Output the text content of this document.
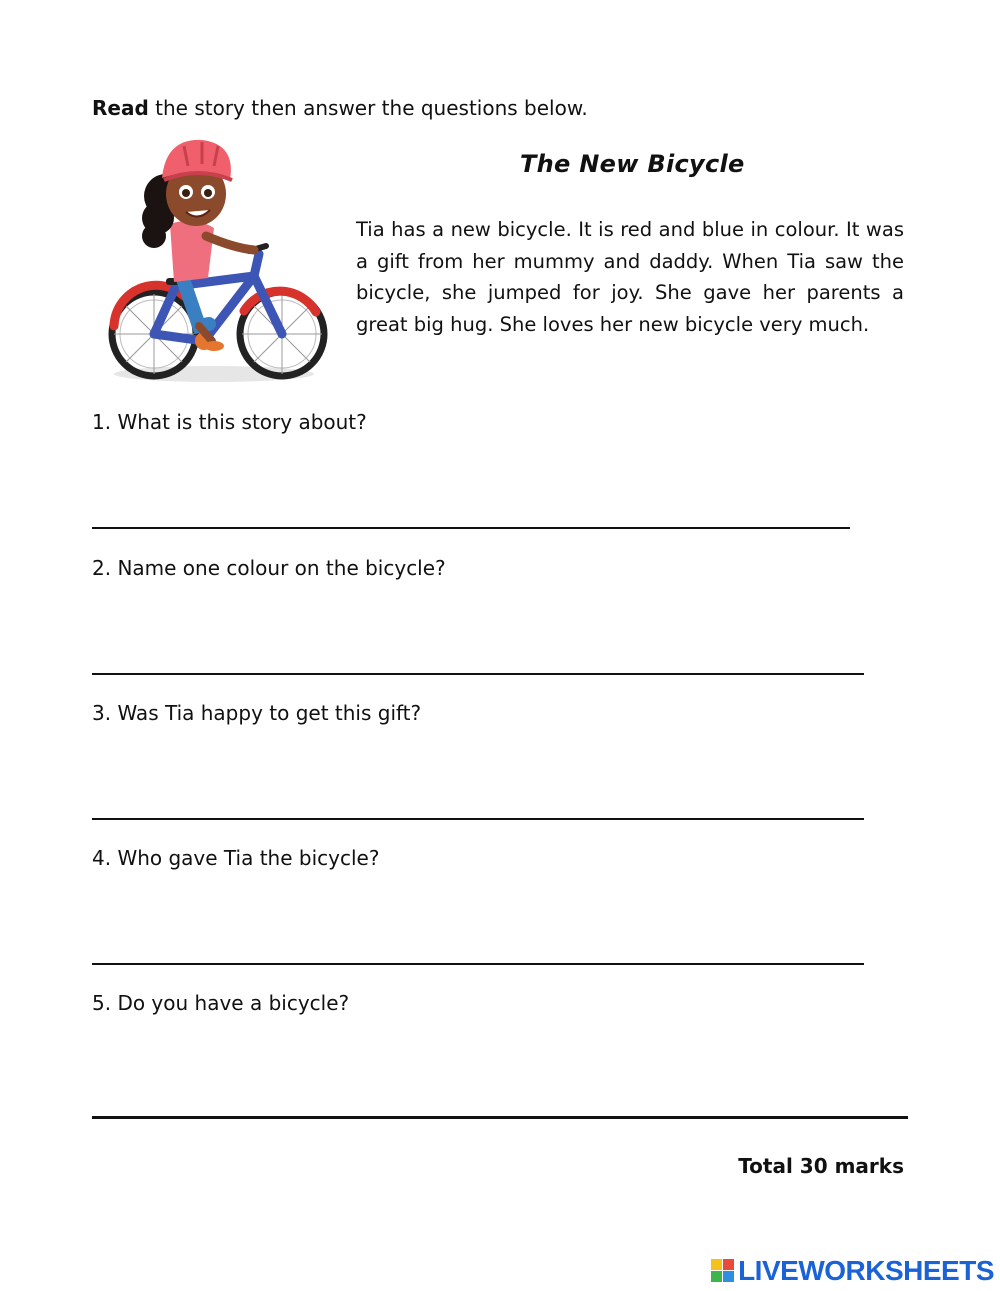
Read the story then answer the questions below.
The New Bicycle
Tia has a new bicycle. It is red and blue in colour. It was a gift from her mummy and daddy. When Tia saw the bicycle, she jumped for joy. She gave her parents a great big hug. She loves her new bicycle very much.
1. What is this story about?
2. Name one colour on the bicycle?
3. Was Tia happy to get this gift?
4. Who gave Tia the bicycle?
5. Do you have a bicycle?
Total 30 marks
LIVEWORKSHEETS
